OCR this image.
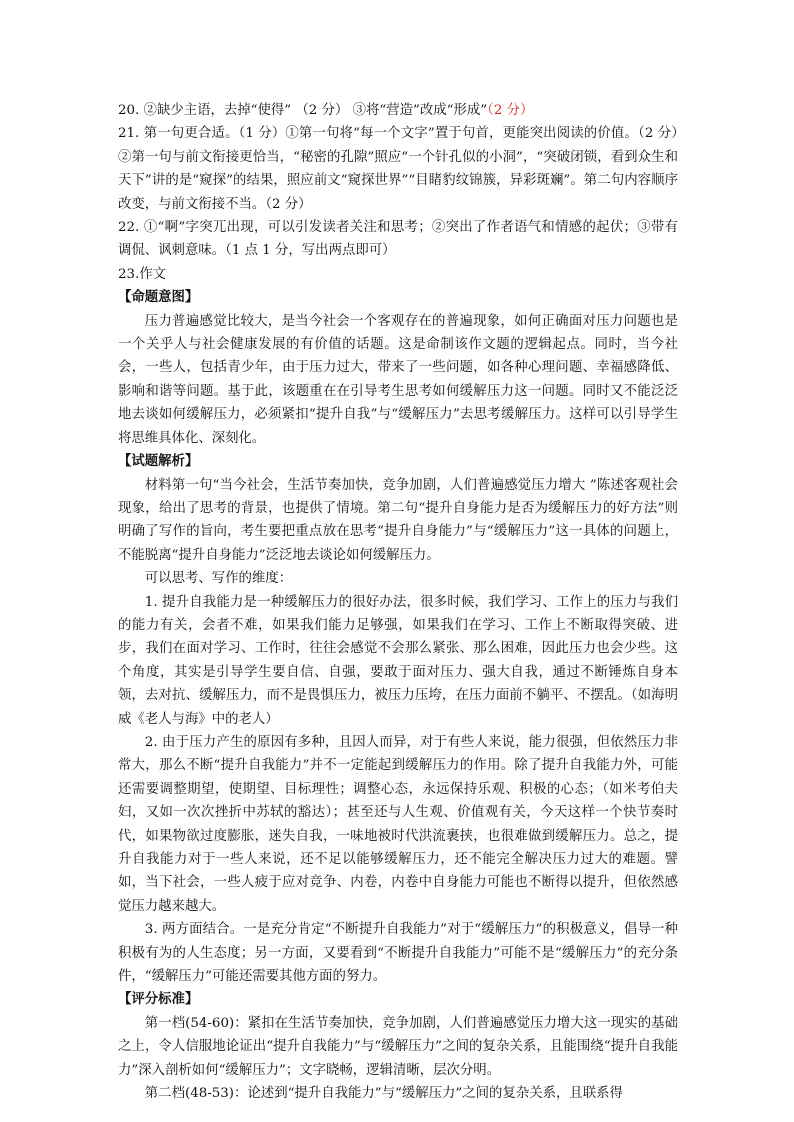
20. ②缺少主语，去掉“使得” （2 分） ③将“营造”改成“形成”（2 分）

21. 第一句更合适。（1 分）①第一句将“每一个文字”置于句首，更能突出阅读的价值。（2 分）②第一句与前文衔接更恰当，“秘密的孔隙”照应“一个针孔似的小洞”，“突破闭锁，看到众生和天下”讲的是“窥探”的结果，照应前文“窥探世界”“目睹豹纹锦簇，异彩斑斓”。第二句内容顺序改变，与前文衔接不当。（2 分）

22. ①“啊”字突兀出现，可以引发读者关注和思考；②突出了作者语气和情感的起伏；③带有调侃、讽刺意味。（1 点 1 分，写出两点即可）

23.作文

【命题意图】

压力普遍感觉比较大，是当今社会一个客观存在的普遍现象，如何正确面对压力问题也是一个关乎人与社会健康发展的有价值的话题。这是命制该作文题的逻辑起点。同时，当今社会，一些人，包括青少年，由于压力过大，带来了一些问题，如各种心理问题、幸福感降低、影响和谐等问题。基于此，该题重在在引导考生思考如何缓解压力这一问题。同时又不能泛泛地去谈如何缓解压力，必须紧扣“提升自我”与“缓解压力”去思考缓解压力。这样可以引导学生将思维具体化、深刻化。

【试题解析】

材料第一句“当今社会，生活节奏加快，竞争加剧，人们普遍感觉压力增大 ”陈述客观社会现象，给出了思考的背景，也提供了情境。第二句“提升自身能力是否为缓解压力的好方法”则明确了写作的旨向，考生要把重点放在思考“提升自身能力”与“缓解压力”这一具体的问题上，不能脱离“提升自身能力”泛泛地去谈论如何缓解压力。

可以思考、写作的维度：

1. 提升自我能力是一种缓解压力的很好办法，很多时候，我们学习、工作上的压力与我们的能力有关，会者不难，如果我们能力足够强，如果我们在学习、工作上不断取得突破、进步，我们在面对学习、工作时，往往会感觉不会那么紧张、那么困难，因此压力也会少些。这个角度，其实是引导学生要自信、自强，要敢于面对压力、强大自我，通过不断锤炼自身本领，去对抗、缓解压力，而不是畏惧压力，被压力压垮，在压力面前不躺平、不摆乱。（如海明威《老人与海》中的老人）

2. 由于压力产生的原因有多种，且因人而异，对于有些人来说，能力很强，但依然压力非常大，那么不断“提升自我能力”并不一定能起到缓解压力的作用。除了提升自我能力外，可能还需要调整期望，使期望、目标理性；调整心态，永远保持乐观、积极的心态；（如米考伯夫妇，又如一次次挫折中苏轼的豁达）；甚至还与人生观、价值观有关，今天这样一个快节奏时代，如果物欲过度膨胀，迷失自我，一味地被时代洪流裹挟，也很难做到缓解压力。总之，提升自我能力对于一些人来说，还不足以能够缓解压力，还不能完全解决压力过大的难题。譬如，当下社会，一些人疲于应对竞争、内卷，内卷中自身能力可能也不断得以提升，但依然感觉压力越来越大。

3. 两方面结合。一是充分肯定“不断提升自我能力”对于“缓解压力”的积极意义，倡导一种积极有为的人生态度；另一方面，又要看到“不断提升自我能力”可能不是“缓解压力”的充分条件，“缓解压力”可能还需要其他方面的努力。

【评分标准】

第一档(54-60)：紧扣在生活节奏加快，竞争加剧，人们普遍感觉压力增大这一现实的基础之上，令人信服地论证出“提升自我能力”与“缓解压力”之间的复杂关系，且能围绕“提升自我能力”深入剖析如何“缓解压力”；文字晓畅，逻辑清晰，层次分明。

第二档(48-53)：论述到“提升自我能力”与“缓解压力”之间的复杂关系，且联系得
